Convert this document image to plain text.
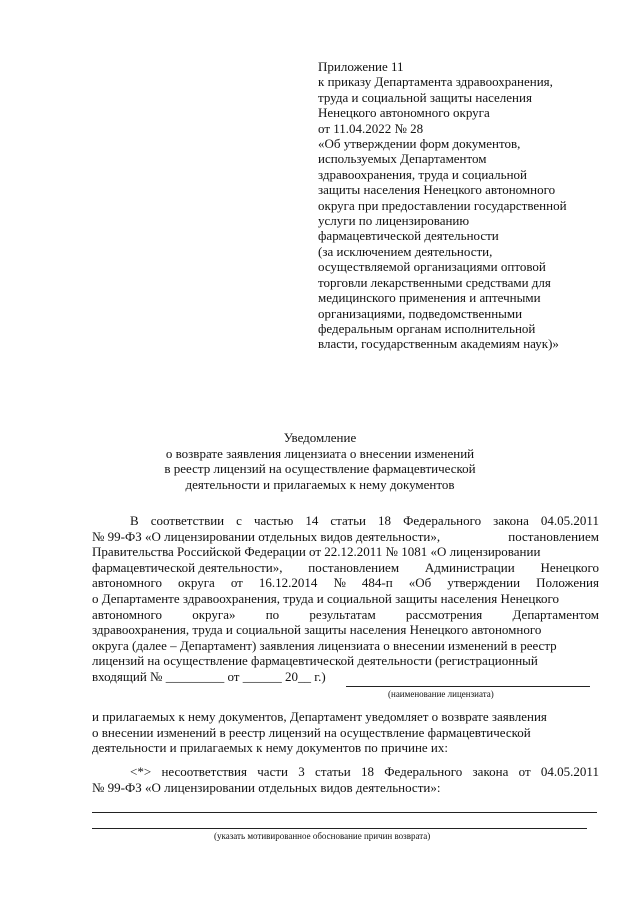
Приложение 11
к приказу Департамента здравоохранения,
труда и социальной защиты населения
Ненецкого автономного округа
от 11.04.2022 № 28
«Об утверждении форм документов,
используемых Департаментом
здравоохранения, труда и социальной
защиты населения Ненецкого автономного
округа при предоставлении государственной
услуги по лицензированию
фармацевтической деятельности
(за исключением деятельности,
осуществляемой организациями оптовой
торговли лекарственными средствами для
медицинского применения и аптечными
организациями, подведомственными
федеральным органам исполнительной
власти, государственным академиям наук)»
Уведомление
о возврате заявления лицензиата о внесении изменений
в реестр лицензий на осуществление фармацевтической
деятельности и прилагаемых к нему документов
В соответствии с частью 14 статьи 18 Федерального закона 04.05.2011
№ 99-ФЗ «О лицензировании отдельных видов деятельности»,	постановлением
Правительства Российской Федерации от 22.12.2011 № 1081 «О лицензировании
фармацевтической деятельности», постановлением Администрации Ненецкого
автономного округа от 16.12.2014 № 484-п «Об утверждении Положения
о Департаменте здравоохранения, труда и социальной защиты населения Ненецкого
автономного округа» по результатам рассмотрения Департаментом
здравоохранения, труда и социальной защиты населения Ненецкого автономного
округа (далее – Департамент) заявления лицензиата о внесении изменений в реестр
лицензий на осуществление фармацевтической деятельности (регистрационный
входящий № _________ от ______ 20__ г.)
(наименование лицензиата)
и прилагаемых к нему документов, Департамент уведомляет о возврате заявления
о внесении изменений в реестр лицензий на осуществление фармацевтической
деятельности и прилагаемых к нему документов по причине их:
<*> несоответствия части 3 статьи 18 Федерального закона от 04.05.2011
№ 99-ФЗ «О лицензировании отдельных видов деятельности»:
(указать мотивированное обоснование причин возврата)
